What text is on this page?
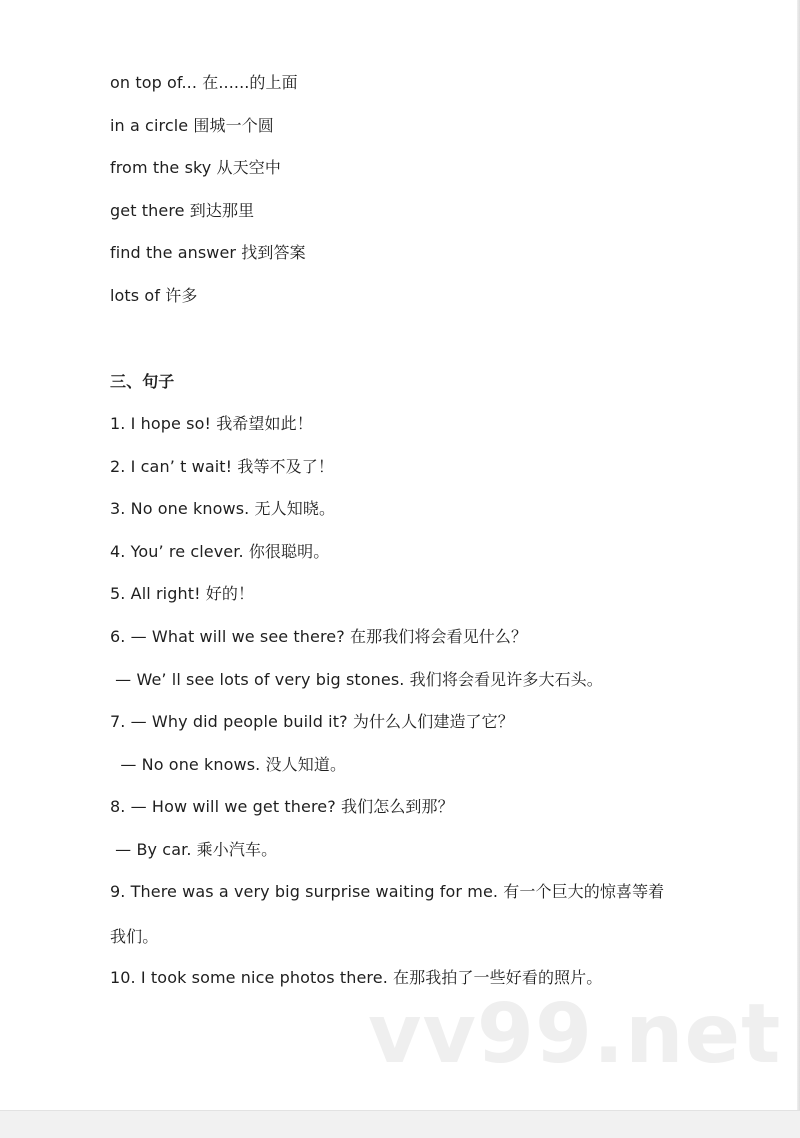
on top of... 在......的上面

in a circle 围城一个圆

from the sky 从天空中

get there 到达那里

find the answer 找到答案

lots of 许多

三、句子

1. I hope so! 我希望如此！

2. I can’ t wait! 我等不及了！

3. No one knows. 无人知晓。

4. You’ re clever. 你很聪明。

5. All right! 好的！

6. — What will we see there? 在那我们将会看见什么？

— We’ ll see lots of very big stones. 我们将会看见许多大石头。

7. — Why did people build it? 为什么人们建造了它？

— No one knows. 没人知道。

8. — How will we get there? 我们怎么到那？

— By car. 乘小汽车。

9. There was a very big surprise waiting for me. 有一个巨大的惊喜等着

我们。

10. I took some nice photos there. 在那我拍了一些好看的照片。

vv99.net
